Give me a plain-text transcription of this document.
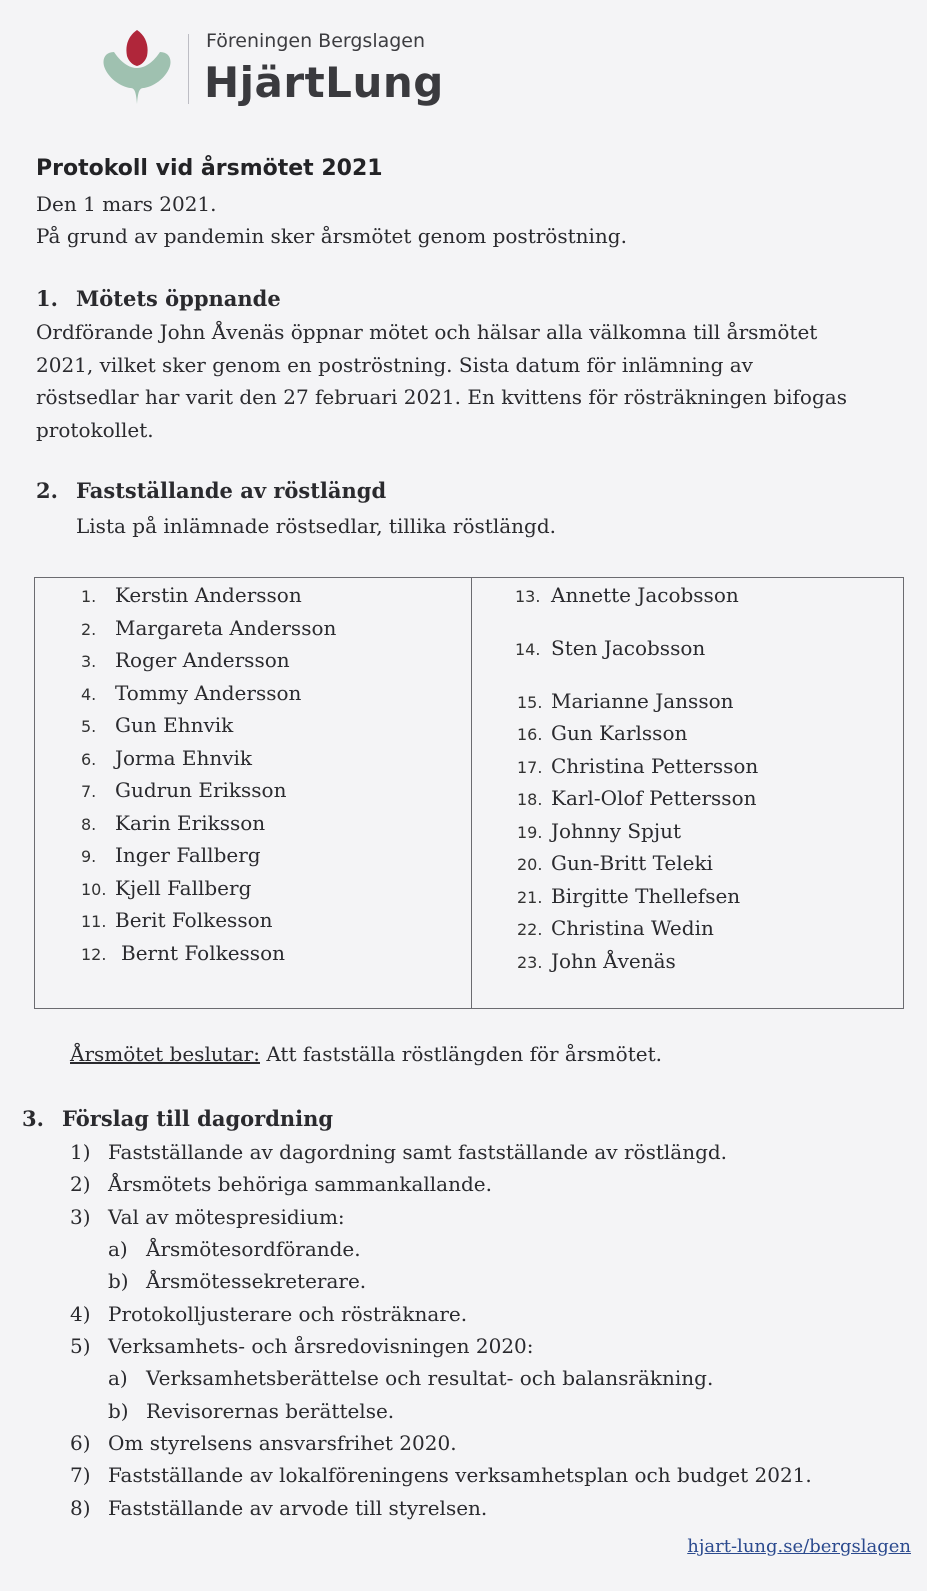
Föreningen Bergslagen
HjärtLung
Protokoll vid årsmötet 2021
Den 1 mars 2021.
På grund av pandemin sker årsmötet genom poströstning.
1. Mötets öppnande
Ordförande John Åvenäs öppnar mötet och hälsar alla välkomna till årsmötet
2021, vilket sker genom en poströstning. Sista datum för inlämning av
röstsedlar har varit den 27 februari 2021. En kvittens för rösträkningen bifogas
protokollet.
2. Fastställande av röstlängd
Lista på inlämnade röstsedlar, tillika röstlängd.
1. Kerstin Andersson
2. Margareta Andersson
3. Roger Andersson
4. Tommy Andersson
5. Gun Ehnvik
6. Jorma Ehnvik
7. Gudrun Eriksson
8. Karin Eriksson
9. Inger Fallberg
10. Kjell Fallberg
11. Berit Folkesson
12. Bernt Folkesson
13. Annette Jacobsson
14. Sten Jacobsson
15. Marianne Jansson
16. Gun Karlsson
17. Christina Pettersson
18. Karl-Olof Pettersson
19. Johnny Spjut
20. Gun-Britt Teleki
21. Birgitte Thellefsen
22. Christina Wedin
23. John Åvenäs
Årsmötet beslutar: Att fastställa röstlängden för årsmötet.
3. Förslag till dagordning
1) Fastställande av dagordning samt fastställande av röstlängd.
2) Årsmötets behöriga sammankallande.
3) Val av mötespresidium:
a) Årsmötesordförande.
b) Årsmötessekreterare.
4) Protokolljusterare och rösträknare.
5) Verksamhets- och årsredovisningen 2020:
a) Verksamhetsberättelse och resultat- och balansräkning.
b) Revisorernas berättelse.
6) Om styrelsens ansvarsfrihet 2020.
7) Fastställande av lokalföreningens verksamhetsplan och budget 2021.
8) Fastställande av arvode till styrelsen.
hjart-lung.se/bergslagen
